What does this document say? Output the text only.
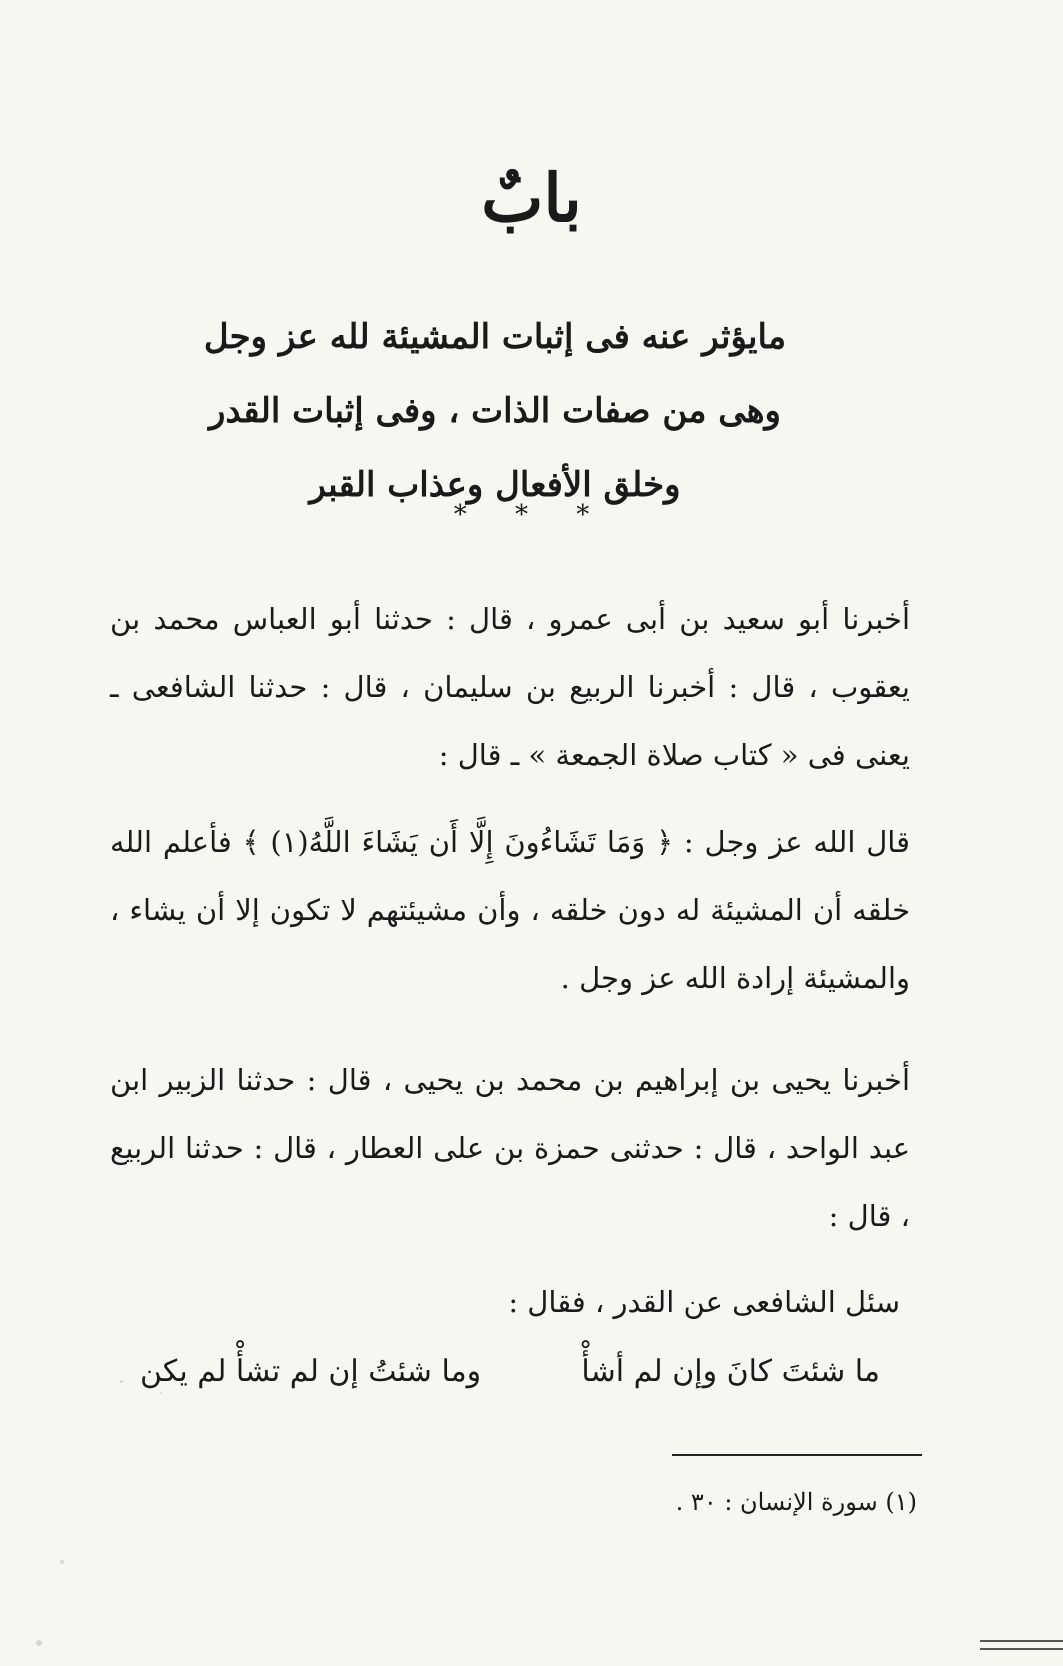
بابٌ
مايؤثر عنه فى إثبات المشيئة لله عز وجل وهى من صفات الذات ، وفى إثبات القدر وخلق الأفعال وعذاب القبر
* * *
أخبرنا أبو سعيد بن أبى عمرو ، قال : حدثنا أبو العباس محمد بن يعقوب ، قال : أخبرنا الربيع بن سليمان ، قال : حدثنا الشافعى ـ يعنى فى « كتاب صلاة الجمعة » ـ قال :
قال الله عز وجل : ﴿ وَمَا تَشَاءُونَ إِلَّا أَن يَشَاءَ اللَّهُ(١) ﴾ فأعلم الله خلقه أن المشيئة له دون خلقه ، وأن مشيئتهم لا تكون إلا أن يشاء ، والمشيئة إرادة الله عز وجل .
أخبرنا يحيى بن إبراهيم بن محمد بن يحيى ، قال : حدثنا الزبير ابن عبد الواحد ، قال : حدثنى حمزة بن على العطار ، قال : حدثنا الربيع ، قال :
سئل الشافعى عن القدر ، فقال :
ما شئتَ كانَ وإن لم أشأْ
وما شئتُ إن لم تشأْ لم يكن
(١) سورة الإنسان : ٣٠ .
